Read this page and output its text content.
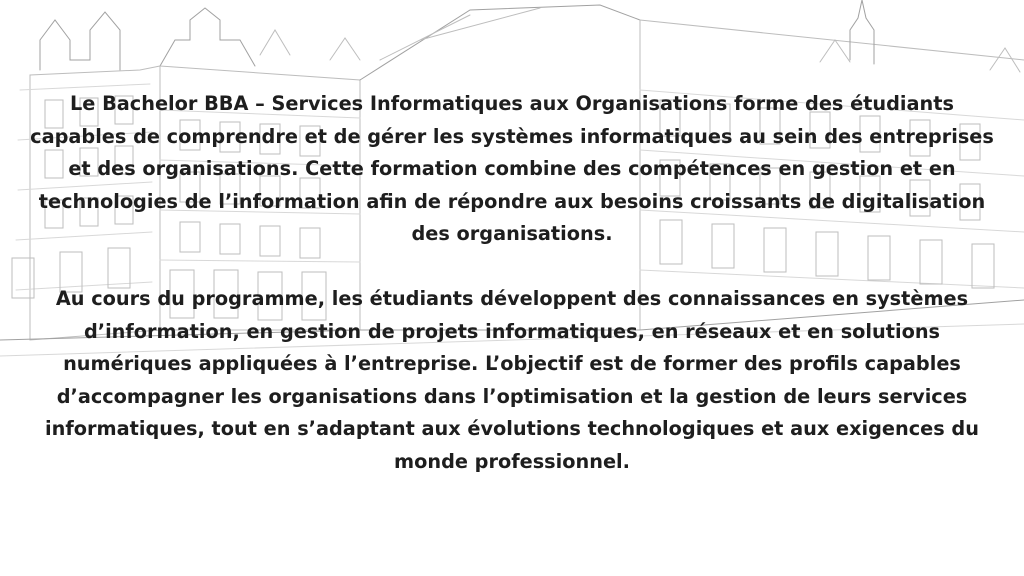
Le Bachelor BBA – Services Informatiques aux Organisations forme des étudiants capables de comprendre et de gérer les systèmes informatiques au sein des entreprises et des organisations. Cette formation combine des compétences en gestion et en technologies de l’information afin de répondre aux besoins croissants de digitalisation des organisations.

Au cours du programme, les étudiants développent des connaissances en systèmes d’information, en gestion de projets informatiques, en réseaux et en solutions numériques appliquées à l’entreprise. L’objectif est de former des profils capables d’accompagner les organisations dans l’optimisation et la gestion de leurs services informatiques, tout en s’adaptant aux évolutions technologiques et aux exigences du monde professionnel.
